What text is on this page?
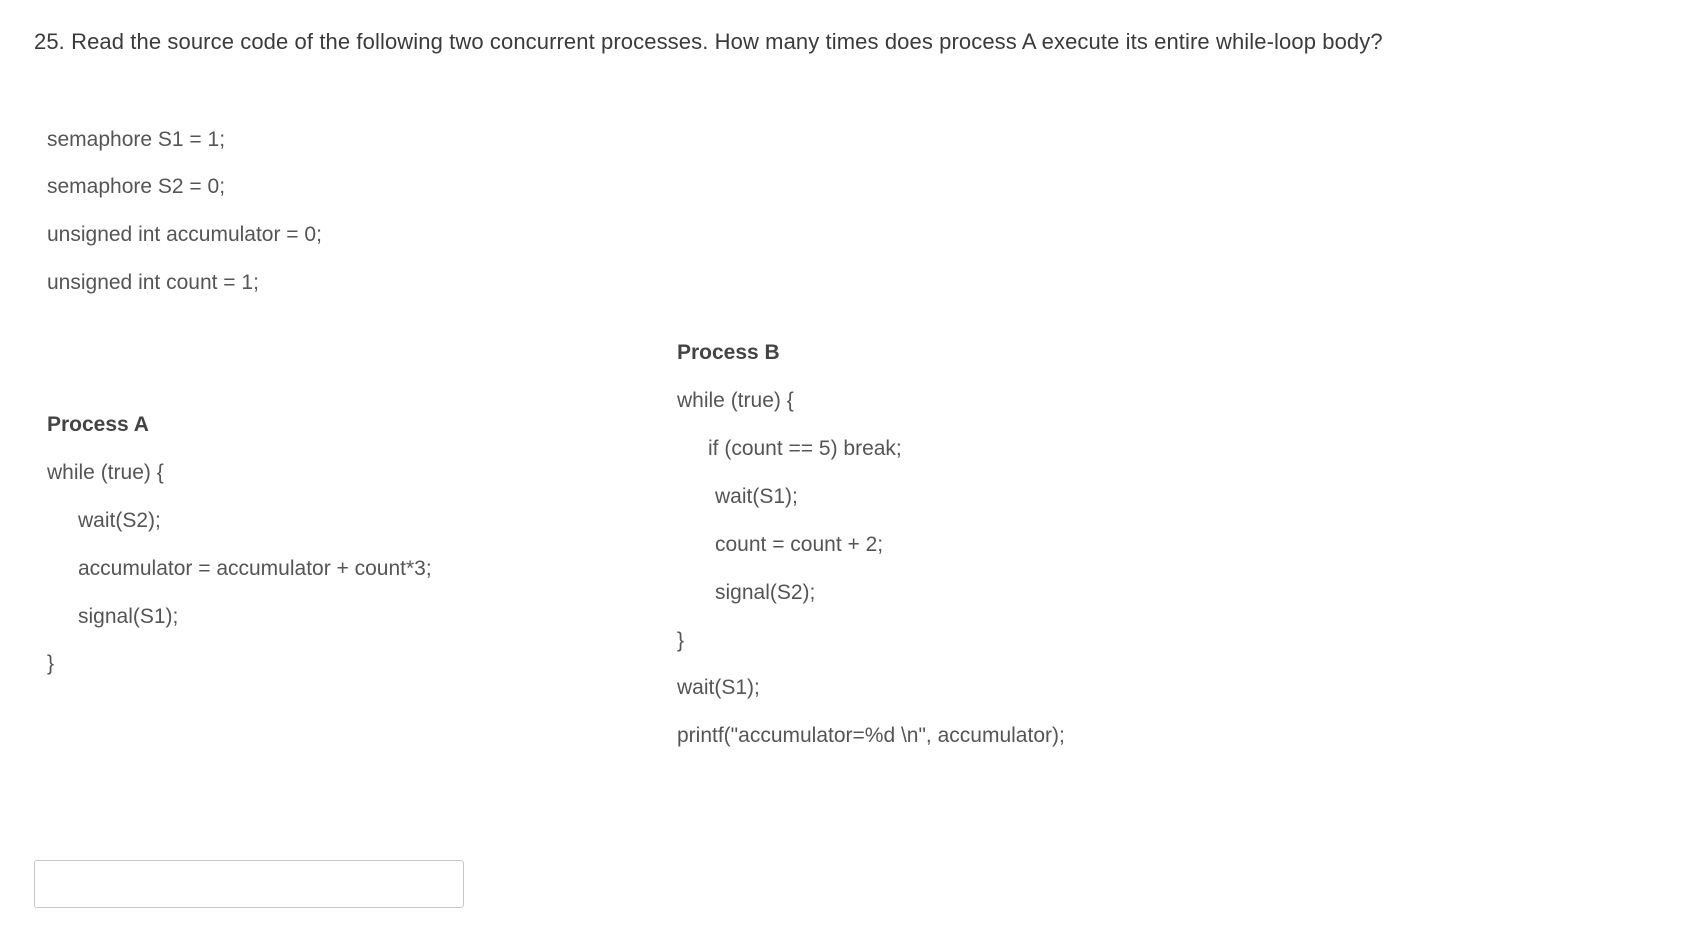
25. Read the source code of the following two concurrent processes. How many times does process A execute its entire while-loop body?
semaphore S1 = 1;
semaphore S2 = 0;
unsigned int accumulator = 0;
unsigned int count = 1;
Process A
while (true) {
wait(S2);
accumulator = accumulator + count*3;
signal(S1);
}
Process B
while (true) {
if (count == 5) break;
wait(S1);
count = count + 2;
signal(S2);
}
wait(S1);
printf("accumulator=%d \n", accumulator);
